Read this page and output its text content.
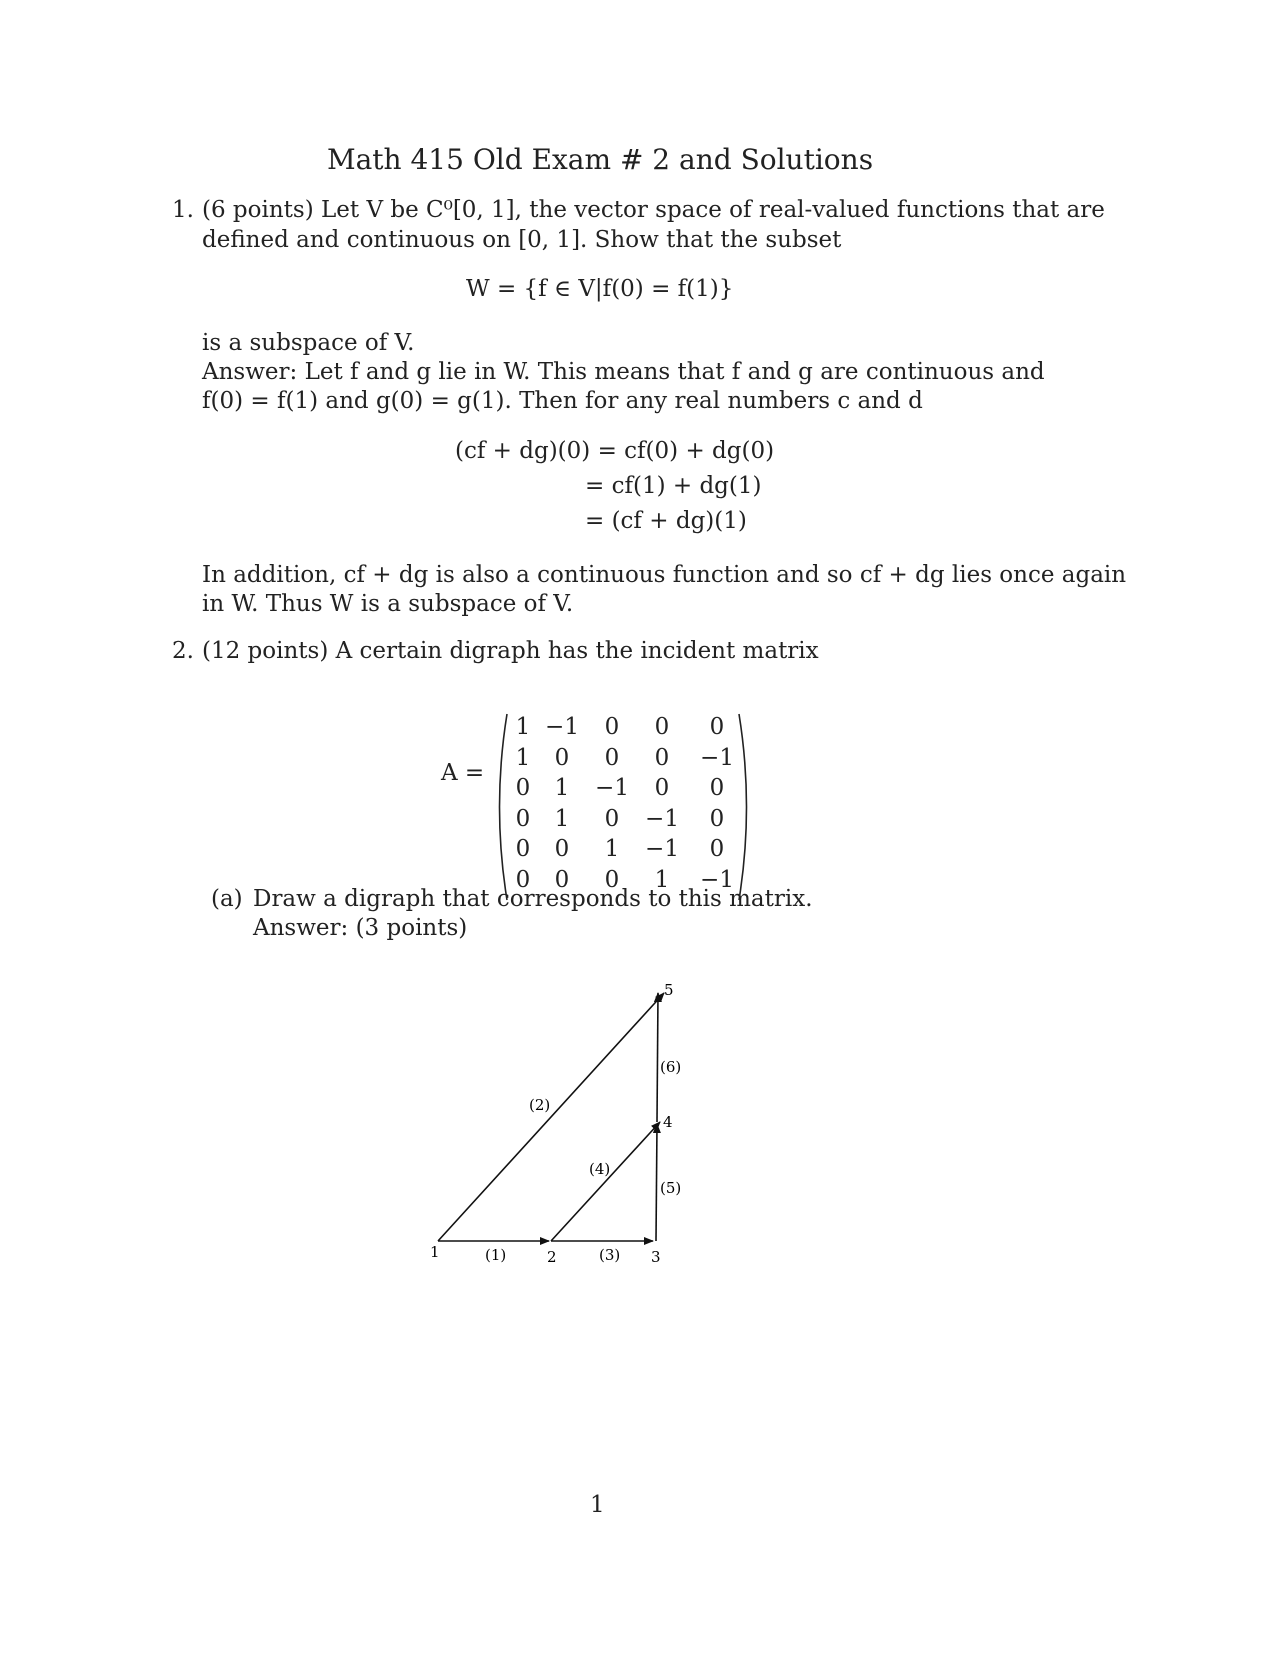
Math 415 Old Exam # 2 and Solutions
1. (6 points) Let V be C⁰[0, 1], the vector space of real-valued functions that are
defined and continuous on [0, 1]. Show that the subset
W = {f ∈ V|f(0) = f(1)}
is a subspace of V.
Answer: Let f and g lie in W. This means that f and g are continuous and
f(0) = f(1) and g(0) = g(1). Then for any real numbers c and d
(cf + dg)(0) = cf(0) + dg(0)
= cf(1) + dg(1)
= (cf + dg)(1)
In addition, cf + dg is also a continuous function and so cf + dg lies once again
in W. Thus W is a subspace of V.
2. (12 points) A certain digraph has the incident matrix
A =
1	−1	0	0	0
1	0	0	0	−1
0	1	−1	0	0
0	1	0	−1	0
0	0	1	−1	0
0	0	0	1	−1
(a) Draw a digraph that corresponds to this matrix.
Answer: (3 points)
1	2	3
4
5
(1)
(2)
(3)
(4)
(5)
(6)
1
